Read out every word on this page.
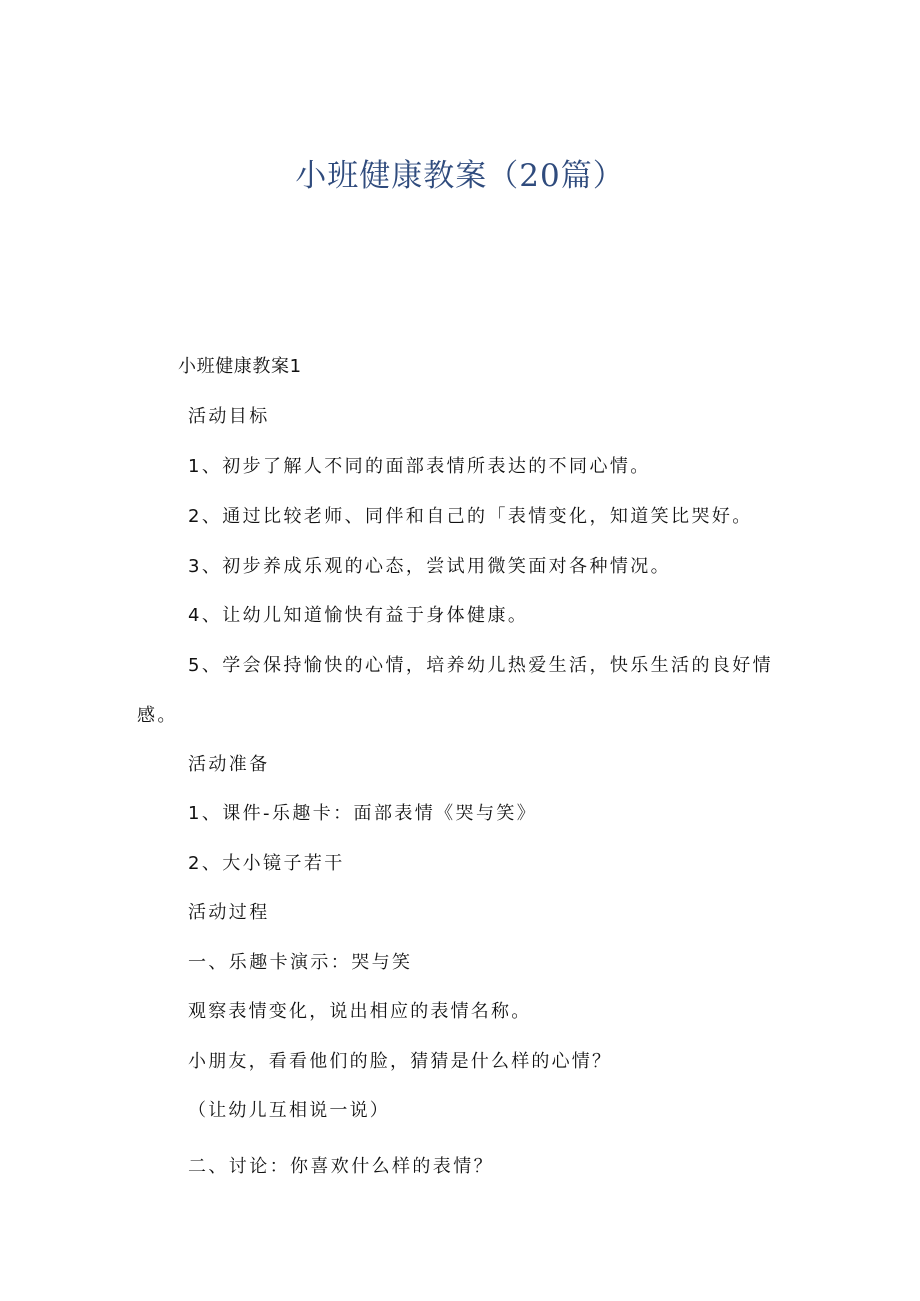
小班健康教案（20篇）
小班健康教案1
活动目标
1、初步了解人不同的面部表情所表达的不同心情。
2、通过比较老师、同伴和自己的「表情变化，知道笑比哭好。
3、初步养成乐观的心态，尝试用微笑面对各种情况。
4、让幼儿知道愉快有益于身体健康。
5、学会保持愉快的心情，培养幼儿热爱生活，快乐生活的良好情
感。
活动准备
1、课件-乐趣卡：面部表情《哭与笑》
2、大小镜子若干
活动过程
一、乐趣卡演示：哭与笑
观察表情变化，说出相应的表情名称。
小朋友，看看他们的脸，猜猜是什么样的心情？
（让幼儿互相说一说）
二、讨论：你喜欢什么样的表情？
